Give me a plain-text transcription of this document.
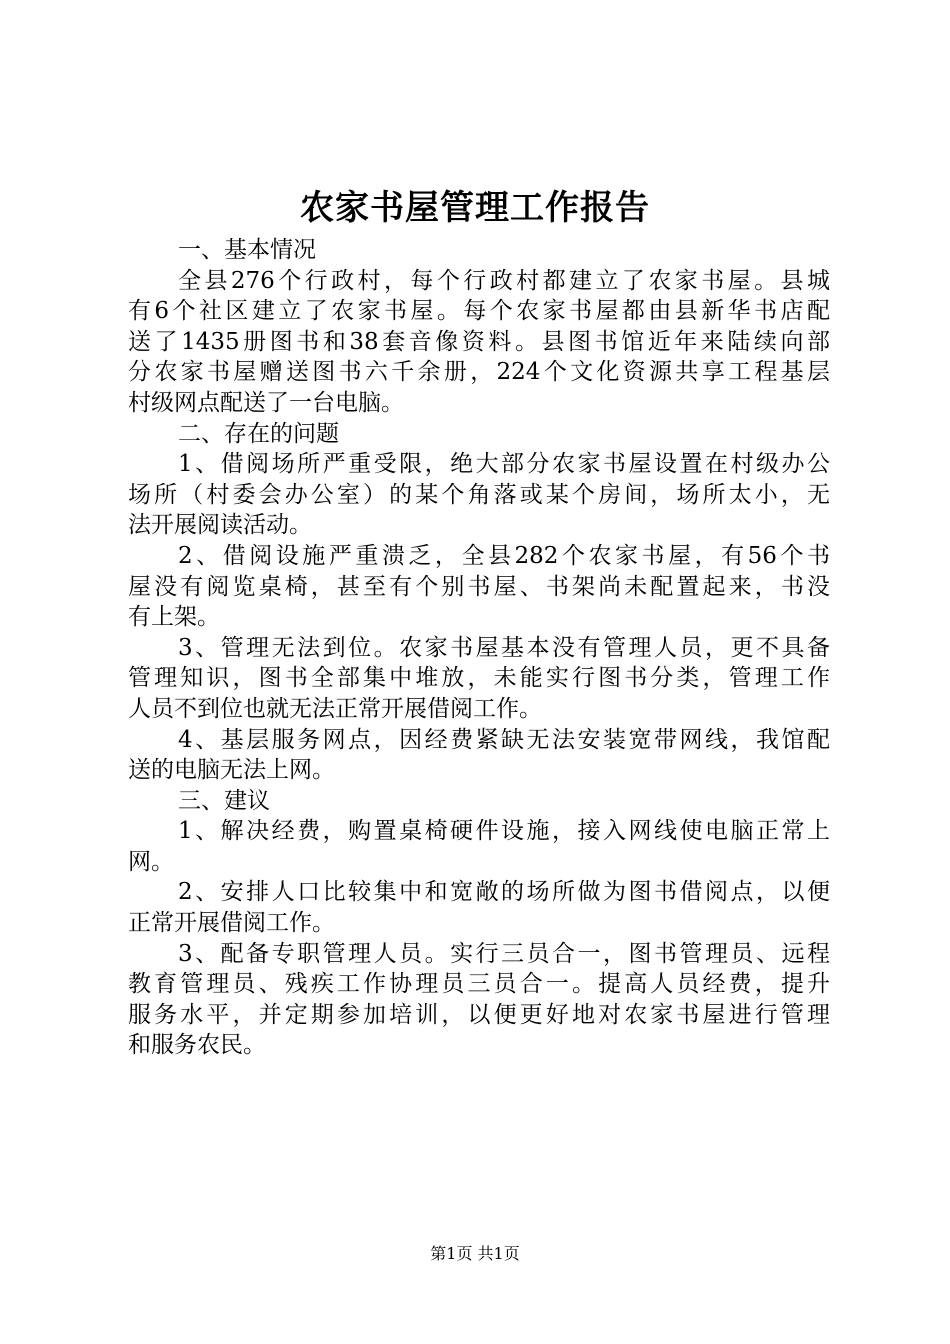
农家书屋管理工作报告
一、基本情况
全县276个行政村，每个行政村都建立了农家书屋。县城
有6个社区建立了农家书屋。每个农家书屋都由县新华书店配
送了1435册图书和38套音像资料。县图书馆近年来陆续向部
分农家书屋赠送图书六千余册，224个文化资源共享工程基层
村级网点配送了一台电脑。
二、存在的问题
1、借阅场所严重受限，绝大部分农家书屋设置在村级办公
场所（村委会办公室）的某个角落或某个房间，场所太小，无
法开展阅读活动。
2、借阅设施严重溃乏，全县282个农家书屋，有56个书
屋没有阅览桌椅，甚至有个别书屋、书架尚未配置起来，书没
有上架。
3、管理无法到位。农家书屋基本没有管理人员，更不具备
管理知识，图书全部集中堆放，未能实行图书分类，管理工作
人员不到位也就无法正常开展借阅工作。
4、基层服务网点，因经费紧缺无法安装宽带网线，我馆配
送的电脑无法上网。
三、建议
1、解决经费，购置桌椅硬件设施，接入网线使电脑正常上
网。
2、安排人口比较集中和宽敞的场所做为图书借阅点，以便
正常开展借阅工作。
3、配备专职管理人员。实行三员合一，图书管理员、远程
教育管理员、残疾工作协理员三员合一。提高人员经费，提升
服务水平，并定期参加培训，以便更好地对农家书屋进行管理
和服务农民。
第1页 共1页
